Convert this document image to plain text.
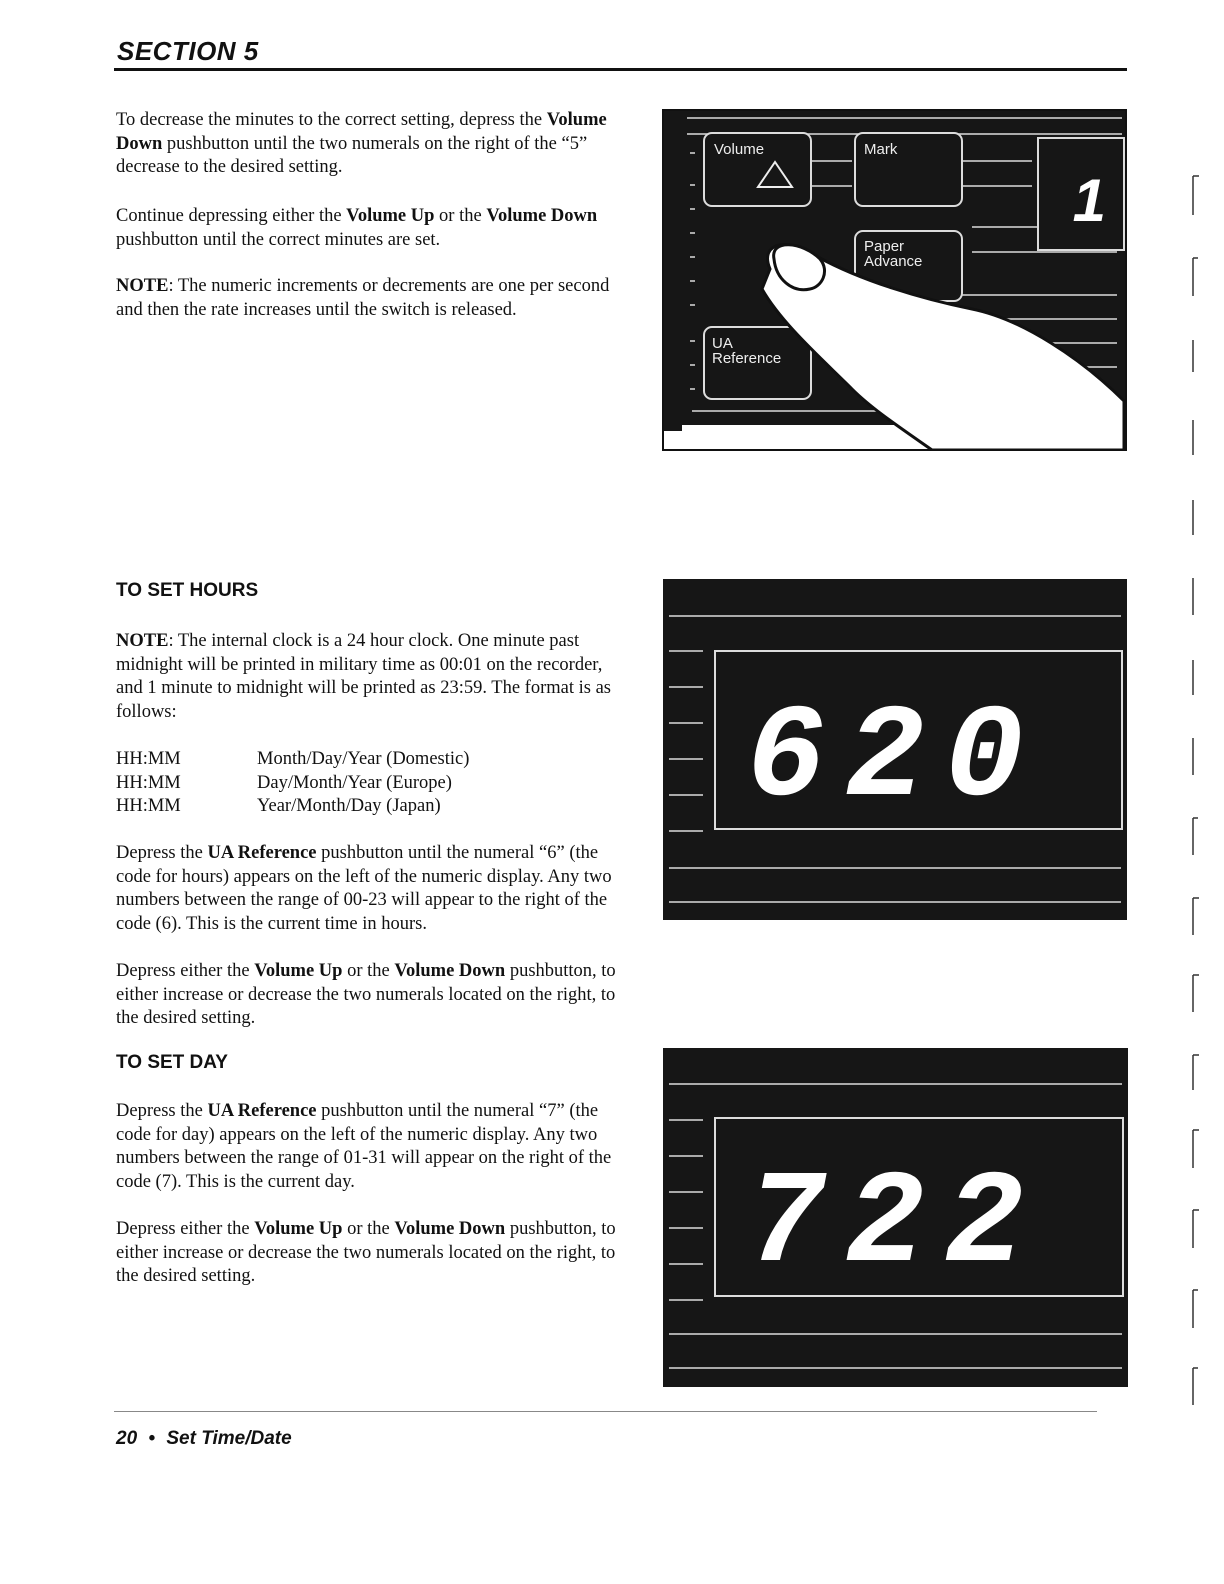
SECTION 5

To decrease the minutes to the correct setting, depress the Volume Down pushbutton until the two numerals on the right of the “5” decrease to the desired setting.

Continue depressing either the Volume Up or the Volume Down pushbutton until the correct minutes are set.

NOTE: The numeric increments or decrements are one per second and then the rate increases until the switch is released.

Volume	Mark
1
Paper
Advance
UA
Reference
TO SET HOURS

NOTE: The internal clock is a 24 hour clock. One minute past midnight will be printed in military time as 00:01 on the recorder, and 1 minute to midnight will be printed as 23:59. The format is as follows:

HH:MM	Month/Day/Year (Domestic)
HH:MM	Day/Month/Year (Europe)
HH:MM	Year/Month/Day (Japan)

Depress the UA Reference pushbutton until the numeral “6” (the code for hours) appears on the left of the numeric display. Any two numbers between the range of 00-23 will appear to the right of the code (6). This is the current time in hours.

Depress either the Volume Up or the Volume Down pushbutton, to either increase or decrease the two numerals located on the right, to the desired setting.

620
TO SET DAY

Depress the UA Reference pushbutton until the numeral “7” (the code for day) appears on the left of the numeric display. Any two numbers between the range of 01-31 will appear on the right of the code (7). This is the current day.

Depress either the Volume Up or the Volume Down pushbutton, to either increase or decrease the two numerals located on the right, to the desired setting.	722
20 • Set Time/Date
